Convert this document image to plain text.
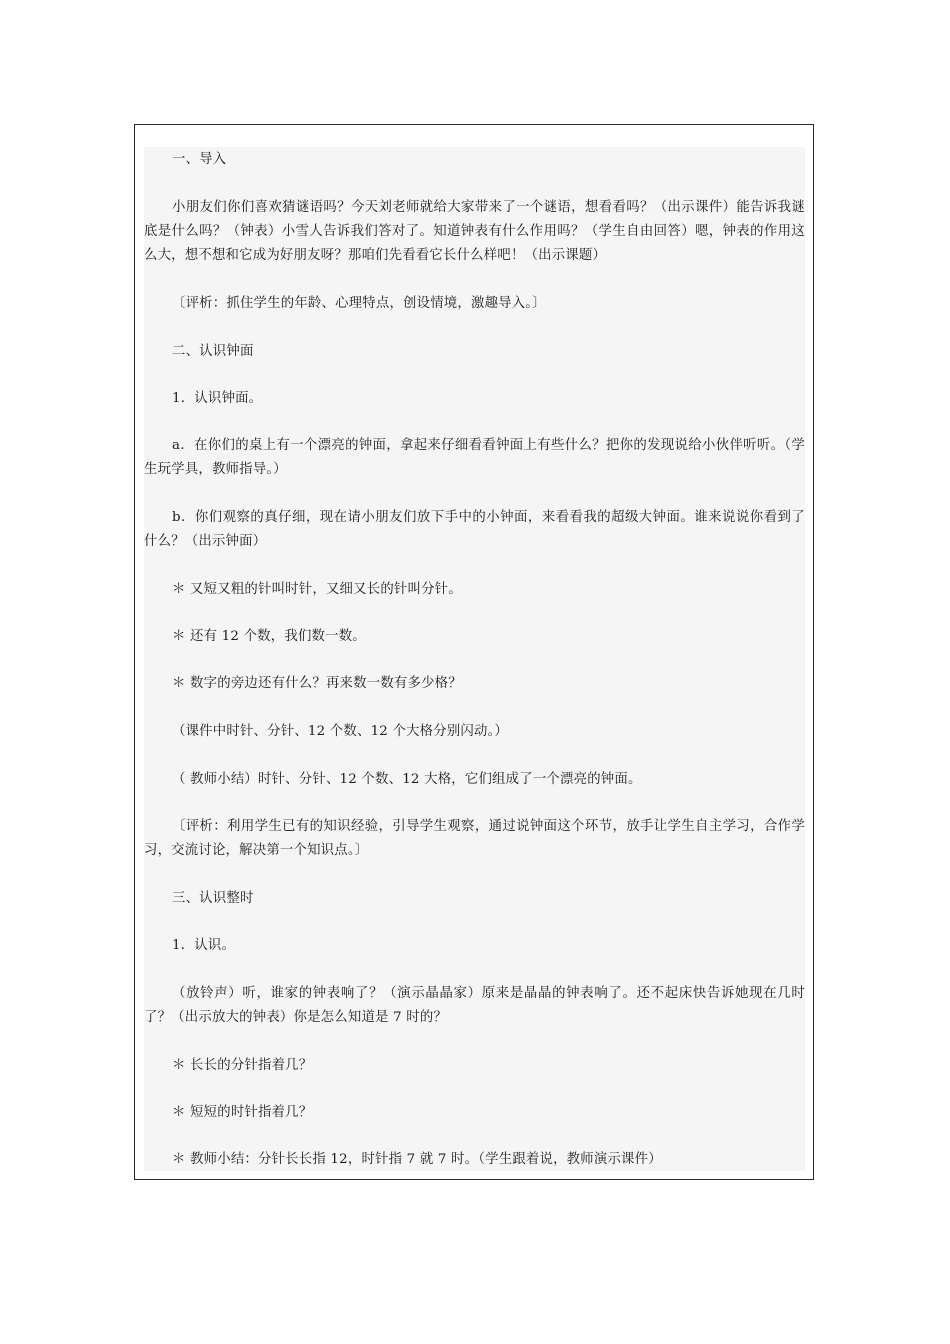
一、导入

小朋友们你们喜欢猜谜语吗？今天刘老师就给大家带来了一个谜语，想看看吗？（出示课件）能告诉我谜底是什么吗？（钟表）小雪人告诉我们答对了。知道钟表有什么作用吗？（学生自由回答）嗯，钟表的作用这么大，想不想和它成为好朋友呀？那咱们先看看它长什么样吧！（出示课题）

〔评析：抓住学生的年龄、心理特点，创设情境，激趣导入。〕

二、认识钟面

1．认识钟面。

a．在你们的桌上有一个漂亮的钟面，拿起来仔细看看钟面上有些什么？把你的发现说给小伙伴听听。（学生玩学具，教师指导。）

b．你们观察的真仔细，现在请小朋友们放下手中的小钟面，来看看我的超级大钟面。谁来说说你看到了什么？（出示钟面）

＊ 又短又粗的针叫时针，又细又长的针叫分针。

＊ 还有 12 个数，我们数一数。

＊ 数字的旁边还有什么？再来数一数有多少格？

（课件中时针、分针、12 个数、12 个大格分别闪动。）

（ 教师小结）时针、分针、12 个数、12 大格，它们组成了一个漂亮的钟面。

〔评析：利用学生已有的知识经验，引导学生观察，通过说钟面这个环节，放手让学生自主学习，合作学习，交流讨论，解决第一个知识点。〕

三、认识整时

1．认识。

（放铃声）听，谁家的钟表响了？（演示晶晶家）原来是晶晶的钟表响了。还不起床快告诉她现在几时了？（出示放大的钟表）你是怎么知道是 7 时的？

＊ 长长的分针指着几？

＊ 短短的时针指着几？

＊ 教师小结：分针长长指 12，时针指 7 就 7 时。（学生跟着说，教师演示课件）
